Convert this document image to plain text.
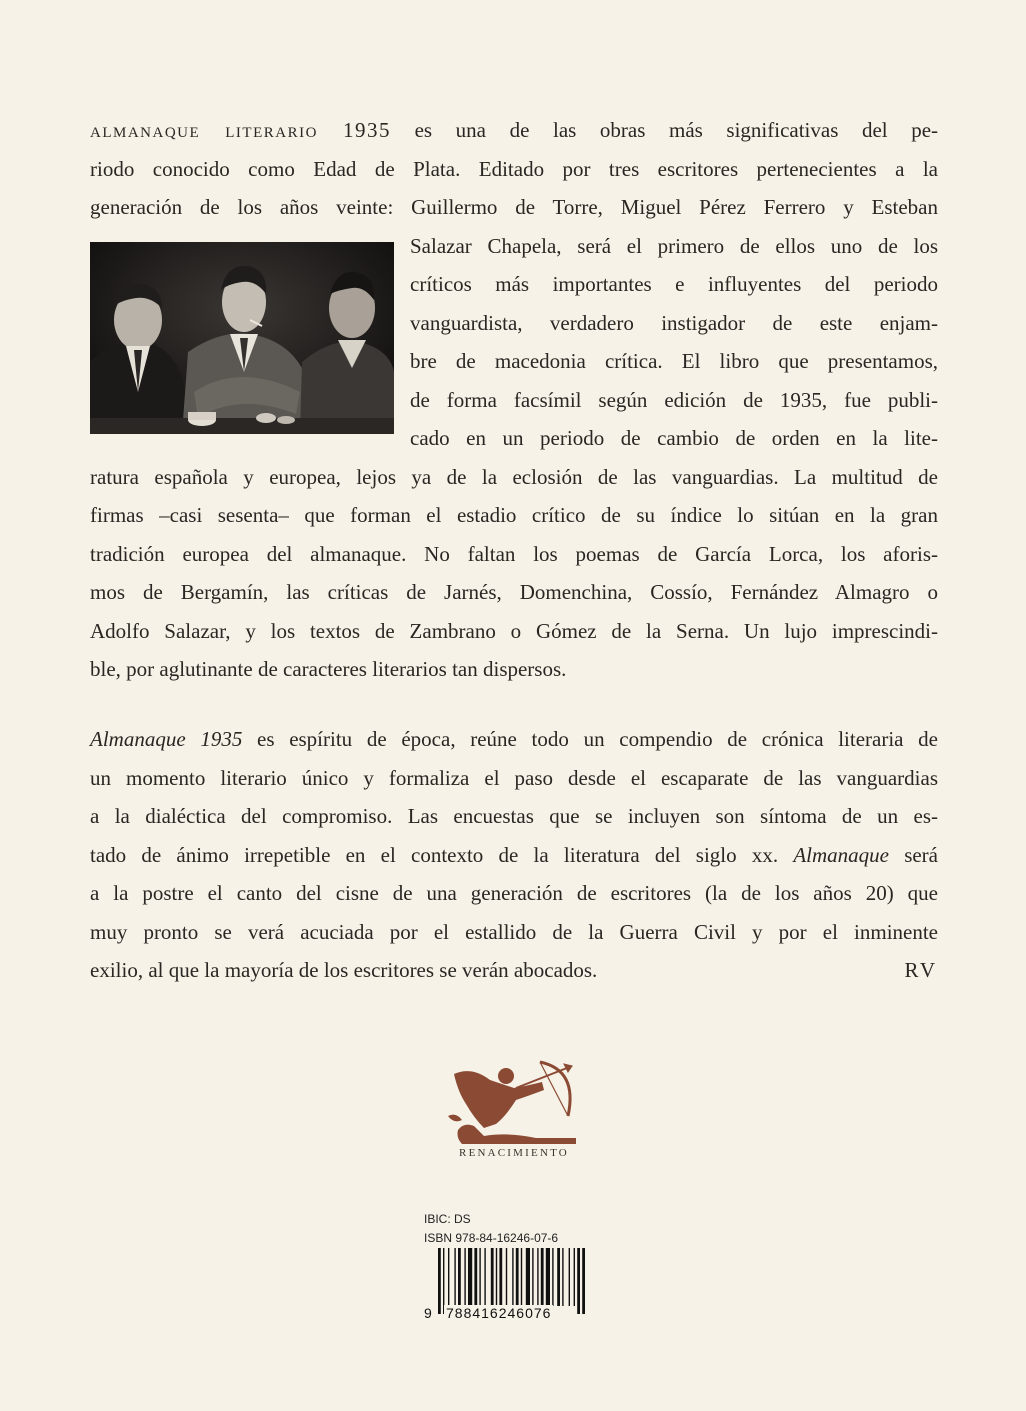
almanaque literario 1935 es una de las obras más significativas del pe-
riodo conocido como Edad de Plata. Editado por tres escritores pertenecientes a la
generación de los años veinte: Guillermo de Torre, Miguel Pérez Ferrero y Esteban
Salazar Chapela, será el primero de ellos uno de los
críticos más importantes e influyentes del periodo
vanguardista, verdadero instigador de este enjam-
bre de macedonia crítica. El libro que presentamos,
de forma facsímil según edición de 1935, fue publi-
cado en un periodo de cambio de orden en la lite-
ratura española y europea, lejos ya de la eclosión de las vanguardias. La multitud de
firmas –casi sesenta– que forman el estadio crítico de su índice lo sitúan en la gran
tradición europea del almanaque. No faltan los poemas de García Lorca, los aforis-
mos de Bergamín, las críticas de Jarnés, Domenchina, Cossío, Fernández Almagro o
Adolfo Salazar, y los textos de Zambrano o Gómez de la Serna. Un lujo imprescindi-
ble, por aglutinante de caracteres literarios tan dispersos.
Almanaque 1935 es espíritu de época, reúne todo un compendio de crónica literaria de
un momento literario único y formaliza el paso desde el escaparate de las vanguardias
a la dialéctica del compromiso. Las encuestas que se incluyen son síntoma de un es-
tado de ánimo irrepetible en el contexto de la literatura del siglo xx. Almanaque será
a la postre el canto del cisne de una generación de escritores (la de los años 20) que
muy pronto se verá acuciada por el estallido de la Guerra Civil y por el inminente
exilio, al que la mayoría de los escritores se verán abocados.	RV
RENACIMIENTO
IBIC: DS
ISBN 978-84-16246-07-6
9 788416246076
